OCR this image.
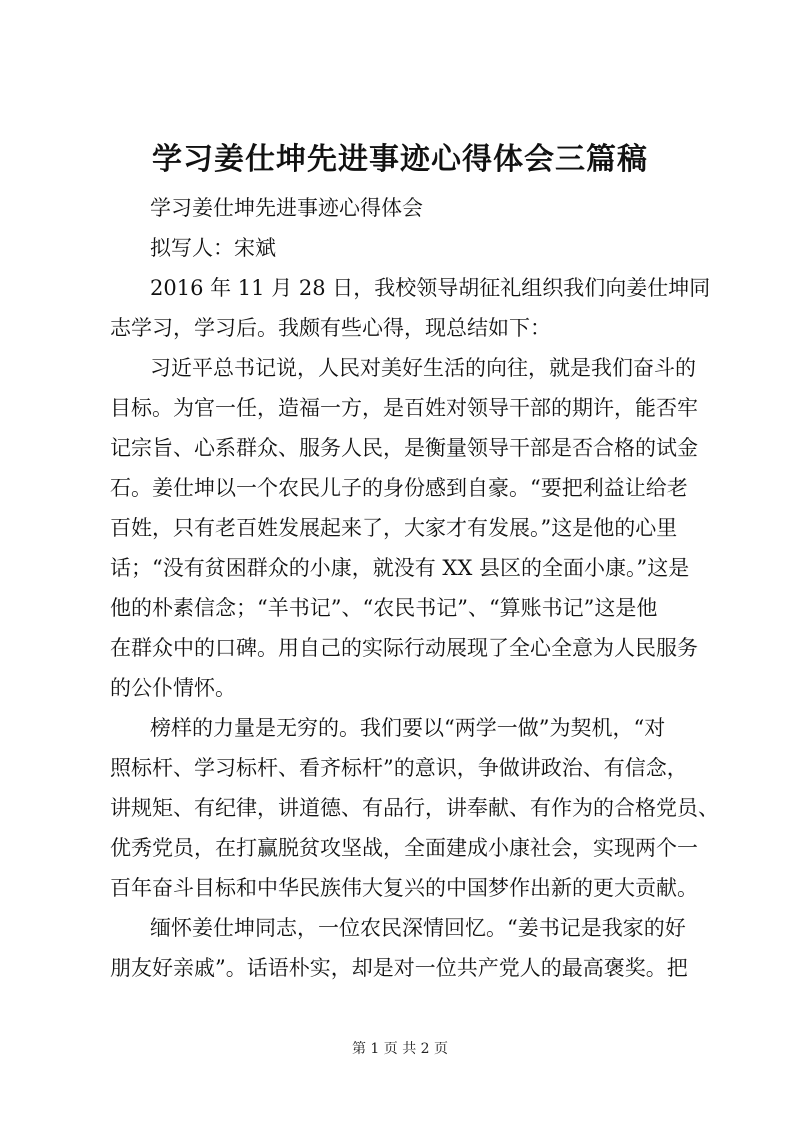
学习姜仕坤先进事迹心得体会三篇稿
学习姜仕坤先进事迹心得体会
拟写人：宋斌
2016 年 11 月 28 日，我校领导胡征礼组织我们向姜仕坤同
志学习，学习后。我颇有些心得，现总结如下：
习近平总书记说，人民对美好生活的向往，就是我们奋斗的
目标。为官一任，造福一方，是百姓对领导干部的期许，能否牢
记宗旨、心系群众、服务人民，是衡量领导干部是否合格的试金
石。姜仕坤以一个农民儿子的身份感到自豪。“要把利益让给老
百姓，只有老百姓发展起来了，大家才有发展。”这是他的心里
话；“没有贫困群众的小康，就没有 XX 县区的全面小康。”这是
他的朴素信念；“羊书记”、“农民书记”、“算账书记”这是他
在群众中的口碑。用自己的实际行动展现了全心全意为人民服务
的公仆情怀。
榜样的力量是无穷的。我们要以“两学一做”为契机，“对
照标杆、学习标杆、看齐标杆”的意识，争做讲政治、有信念，
讲规矩、有纪律，讲道德、有品行，讲奉献、有作为的合格党员、
优秀党员，在打赢脱贫攻坚战，全面建成小康社会，实现两个一
百年奋斗目标和中华民族伟大复兴的中国梦作出新的更大贡献。
缅怀姜仕坤同志，一位农民深情回忆。“姜书记是我家的好
朋友好亲戚”。话语朴实，却是对一位共产党人的最高褒奖。把
第 1 页 共 2 页
